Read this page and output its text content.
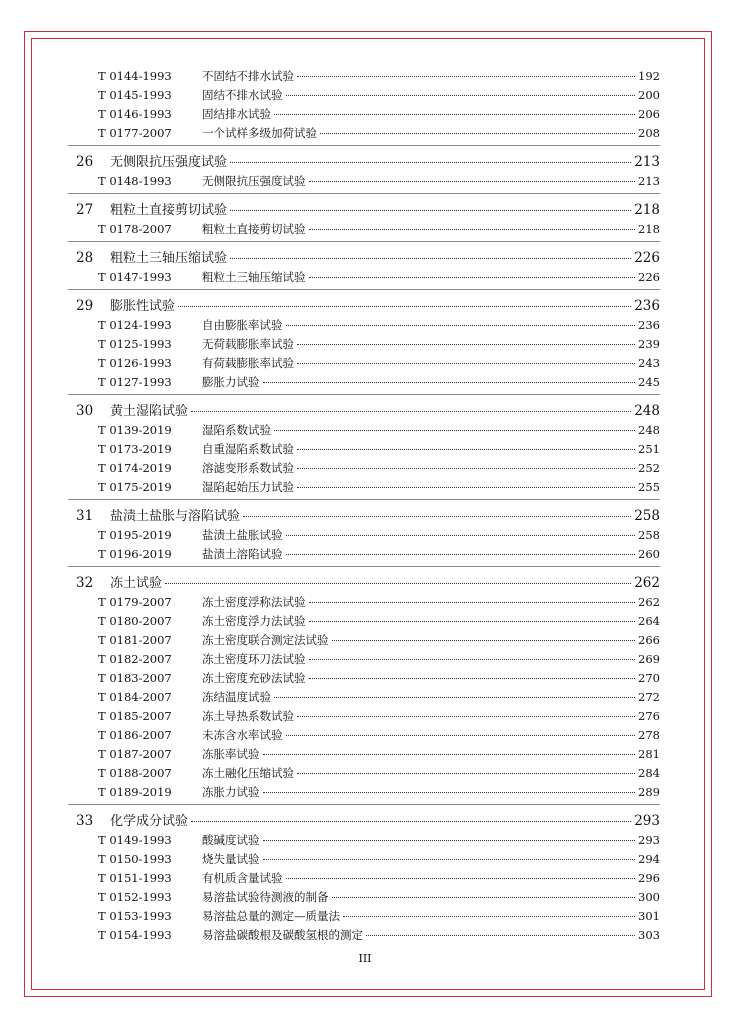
T 0144-1993	不固结不排水试验	192
T 0145-1993	固结不排水试验	200
T 0146-1993	固结排水试验	206
T 0177-2007	一个试样多级加荷试验	208
26	无侧限抗压强度试验	213
T 0148-1993	无侧限抗压强度试验	213
27	粗粒土直接剪切试验	218
T 0178-2007	粗粒土直接剪切试验	218
28	粗粒土三轴压缩试验	226
T 0147-1993	粗粒土三轴压缩试验	226
29	膨胀性试验	236
T 0124-1993	自由膨胀率试验	236
T 0125-1993	无荷载膨胀率试验	239
T 0126-1993	有荷载膨胀率试验	243
T 0127-1993	膨胀力试验	245
30	黄土湿陷试验	248
T 0139-2019	湿陷系数试验	248
T 0173-2019	自重湿陷系数试验	251
T 0174-2019	溶滤变形系数试验	252
T 0175-2019	湿陷起始压力试验	255
31	盐渍土盐胀与溶陷试验	258
T 0195-2019	盐渍土盐胀试验	258
T 0196-2019	盐渍土溶陷试验	260
32	冻土试验	262
T 0179-2007	冻土密度浮称法试验	262
T 0180-2007	冻土密度浮力法试验	264
T 0181-2007	冻土密度联合测定法试验	266
T 0182-2007	冻土密度环刀法试验	269
T 0183-2007	冻土密度充砂法试验	270
T 0184-2007	冻结温度试验	272
T 0185-2007	冻土导热系数试验	276
T 0186-2007	未冻含水率试验	278
T 0187-2007	冻胀率试验	281
T 0188-2007	冻土融化压缩试验	284
T 0189-2019	冻胀力试验	289
33	化学成分试验	293
T 0149-1993	酸碱度试验	293
T 0150-1993	烧失量试验	294
T 0151-1993	有机质含量试验	296
T 0152-1993	易溶盐试验待测液的制备	300
T 0153-1993	易溶盐总量的测定—质量法	301
T 0154-1993	易溶盐碳酸根及碳酸氢根的测定	303
III
